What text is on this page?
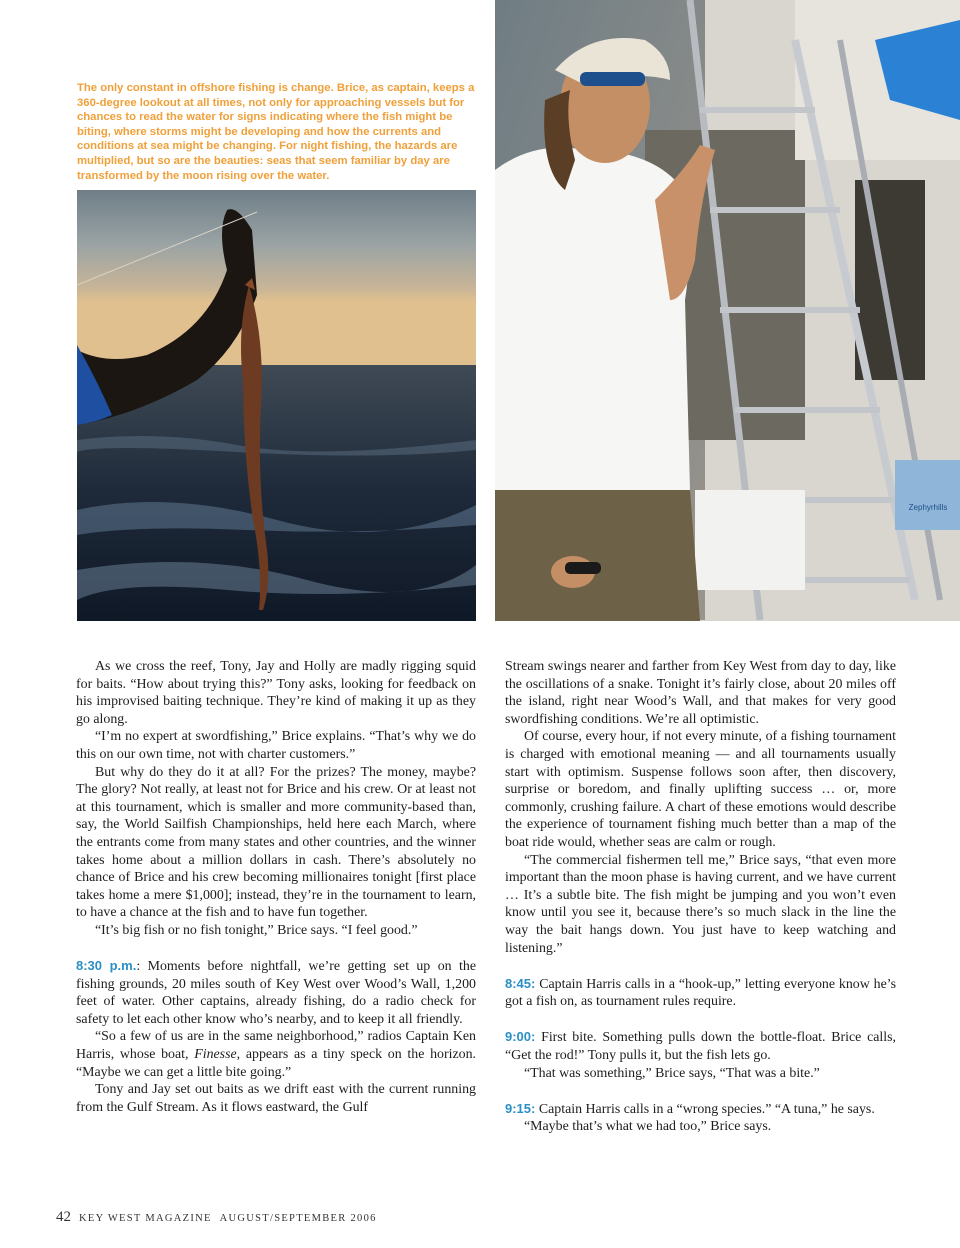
The only constant in offshore fishing is change. Brice, as captain, keeps a 360-degree lookout at all times, not only for approaching vessels but for chances to read the water for signs indicating where the fish might be biting, where storms might be developing and how the currents and conditions at sea might be changing. For night fishing, the hazards are multiplied, but so are the beauties: seas that seem familiar by day are transformed by the moon rising over the water.
Zephyrhills

As we cross the reef, Tony, Jay and Holly are madly rigging squid for baits. “How about trying this?” Tony asks, looking for feedback on his improvised baiting technique. They’re kind of making it up as they go along.

“I’m no expert at swordfishing,” Brice explains. “That’s why we do this on our own time, not with charter customers.”

But why do they do it at all? For the prizes? The money, maybe? The glory? Not really, at least not for Brice and his crew. Or at least not at this tournament, which is smaller and more community-based than, say, the World Sailfish Championships, held here each March, where the entrants come from many states and other countries, and the winner takes home about a million dollars in cash. There’s absolutely no chance of Brice and his crew becoming millionaires tonight [first place takes home a mere $1,000]; instead, they’re in the tournament to learn, to have a chance at the fish and to have fun together.

“It’s big fish or no fish tonight,” Brice says. “I feel good.”

8:30 p.m.: Moments before nightfall, we’re getting set up on the fishing grounds, 20 miles south of Key West over Wood’s Wall, 1,200 feet of water. Other captains, already fishing, do a radio check for safety to let each other know who’s nearby, and to keep it all friendly.

“So a few of us are in the same neighborhood,” radios Captain Ken Harris, whose boat, Finesse, appears as a tiny speck on the horizon. “Maybe we can get a little bite going.”

Tony and Jay set out baits as we drift east with the current running from the Gulf Stream. As it flows eastward, the Gulf

Stream swings nearer and farther from Key West from day to day, like the oscillations of a snake. Tonight it’s fairly close, about 20 miles off the island, right near Wood’s Wall, and that makes for very good swordfishing conditions. We’re all optimistic.

Of course, every hour, if not every minute, of a fishing tournament is charged with emotional meaning — and all tournaments usually start with optimism. Suspense follows soon after, then discovery, surprise or boredom, and finally uplifting success … or, more commonly, crushing failure. A chart of these emotions would describe the experience of tournament fishing much better than a map of the boat ride would, whether seas are calm or rough.

“The commercial fishermen tell me,” Brice says, “that even more important than the moon phase is having current, and we have current … It’s a subtle bite. The fish might be jumping and you won’t even know until you see it, because there’s so much slack in the line the way the bait hangs down. You just have to keep watching and listening.”

8:45: Captain Harris calls in a “hook-up,” letting everyone know he’s got a fish on, as tournament rules require.

9:00: First bite. Something pulls down the bottle-float. Brice calls, “Get the rod!” Tony pulls it, but the fish lets go.

“That was something,” Brice says, “That was a bite.”

9:15: Captain Harris calls in a “wrong species.” “A tuna,” he says.

“Maybe that’s what we had too,” Brice says.

42 KEY WEST MAGAZINE AUGUST/SEPTEMBER 2006
